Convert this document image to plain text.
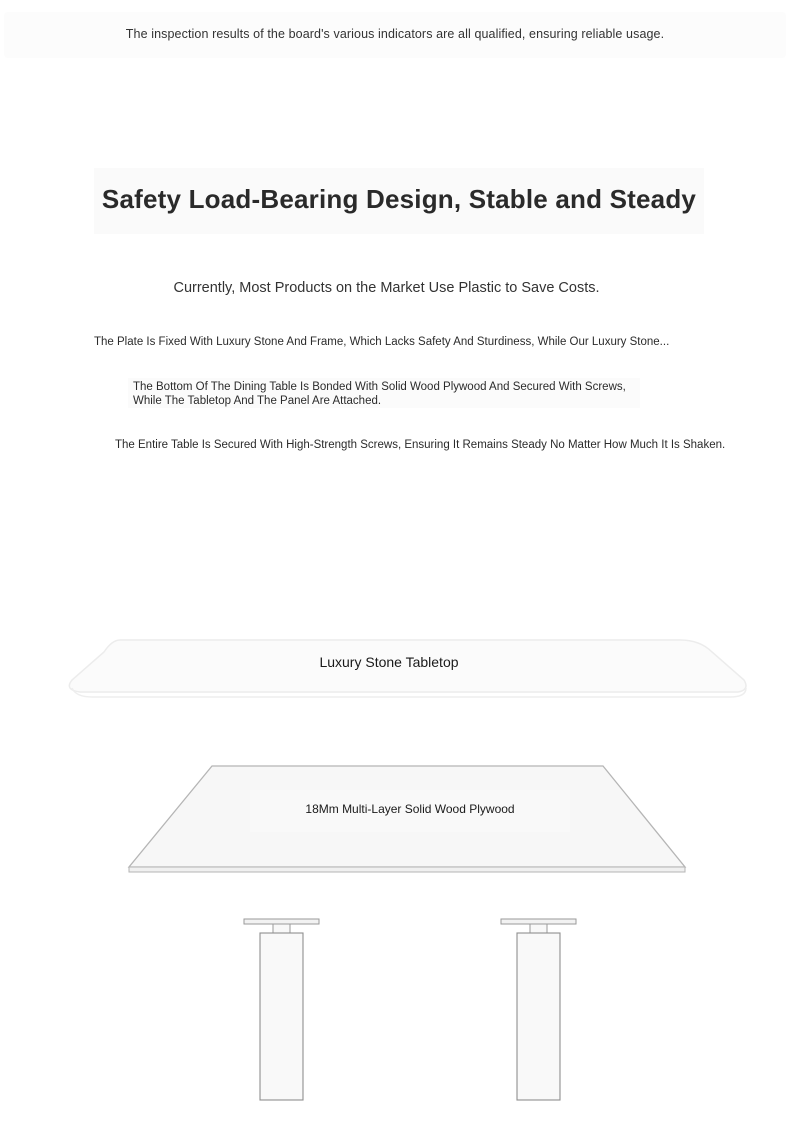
The inspection results of the board's various indicators are all qualified, ensuring reliable usage.
Safety Load-Bearing Design, Stable and Steady
Currently, Most Products on the Market Use Plastic to Save Costs.
The Plate Is Fixed With Luxury Stone And Frame, Which Lacks Safety And Sturdiness, While Our Luxury Stone...
The Bottom Of The Dining Table Is Bonded With Solid Wood Plywood And Secured With Screws, While The Tabletop And The Panel Are Attached.
The Entire Table Is Secured With High-Strength Screws, Ensuring It Remains Steady No Matter How Much It Is Shaken.
Luxury Stone Tabletop
18Mm Multi-Layer Solid Wood Plywood
